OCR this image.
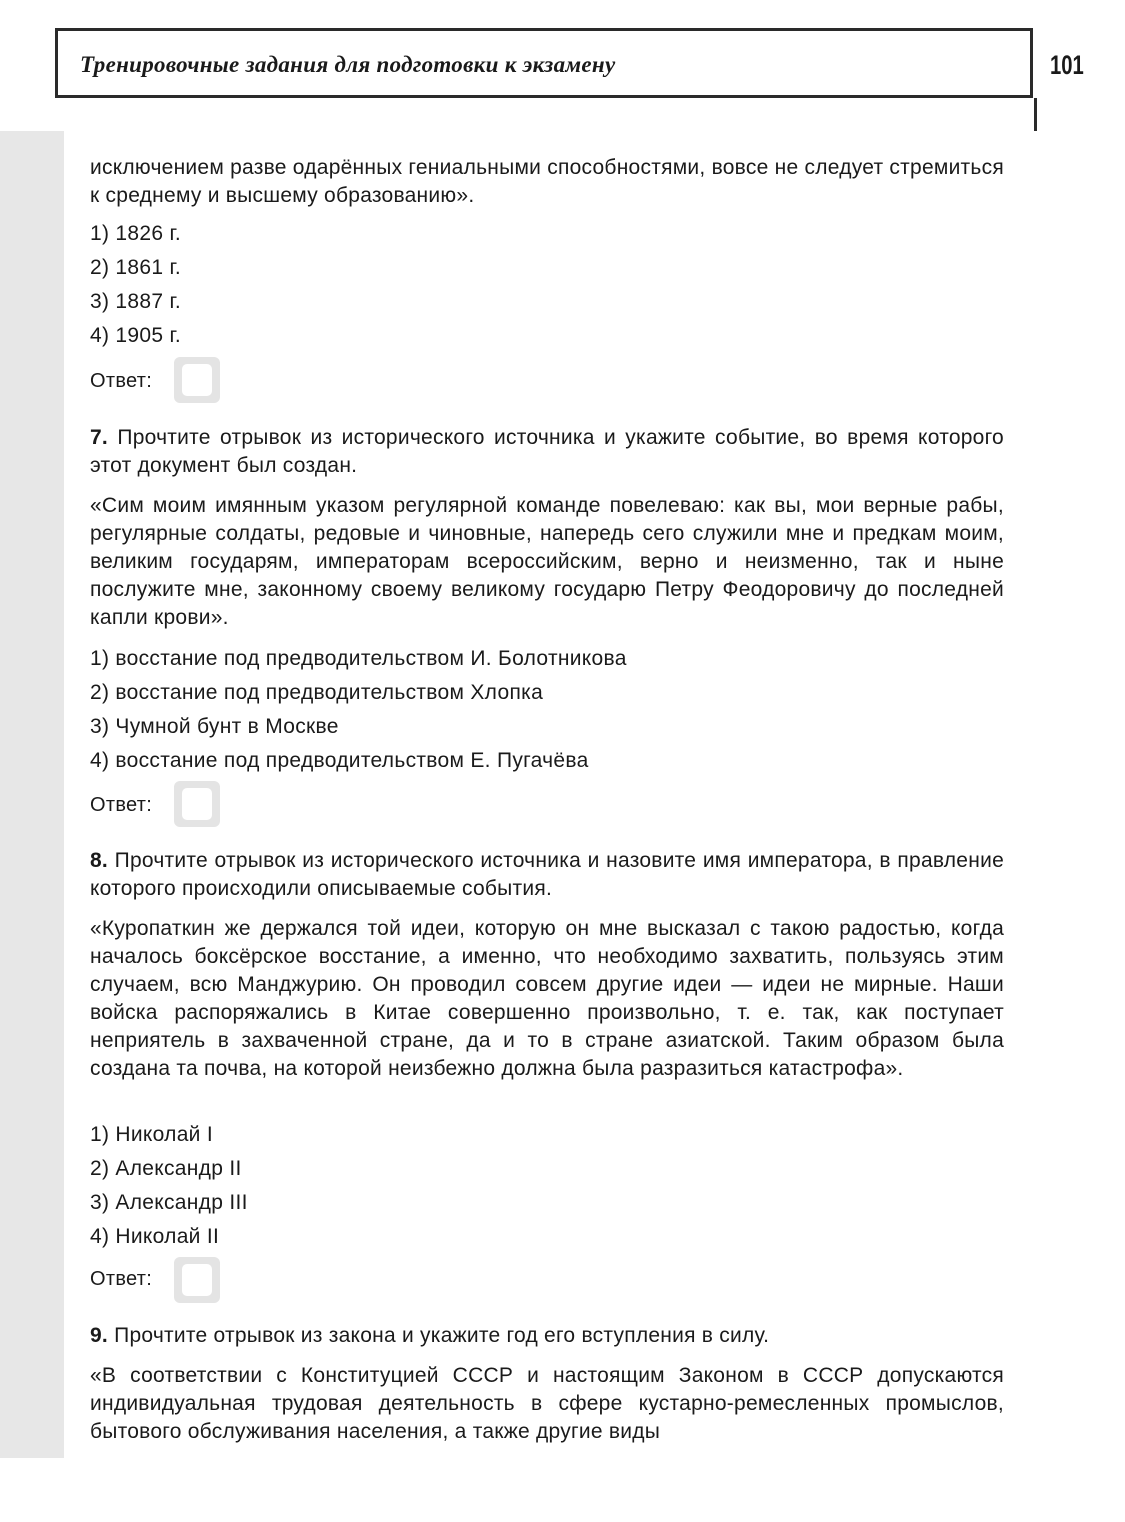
Тренировочные задания для подготовки к экзамену	101
исключением разве одарённых гениальными способностями, вовсе не следует стремиться к среднему и высшему образованию».
1) 1826 г.
2) 1861 г.
3) 1887 г.
4) 1905 г.
Ответ:
7. Прочтите отрывок из исторического источника и укажите событие, во время которого этот документ был создан.
«Сим моим имянным указом регулярной команде повелеваю: как вы, мои верные рабы, регулярные солдаты, редовые и чиновные, напередь сего служили мне и предкам моим, великим государям, императорам всероссийским, верно и неизменно, так и ныне послужите мне, законному своему великому государю Петру Феодоровичу до последней капли крови».
1) восстание под предводительством И. Болотникова
2) восстание под предводительством Хлопка
3) Чумной бунт в Москве
4) восстание под предводительством Е. Пугачёва
Ответ:
8. Прочтите отрывок из исторического источника и назовите имя императора, в правление которого происходили описываемые события.
«Куропаткин же держался той идеи, которую он мне высказал с такою радостью, когда началось боксёрское восстание, а именно, что необходимо захватить, пользуясь этим случаем, всю Манджурию. Он проводил совсем другие идеи — идеи не мирные. Наши войска распоряжались в Китае совершенно произвольно, т. е. так, как поступает неприятель в захваченной стране, да и то в стране азиатской. Таким образом была создана та почва, на которой неизбежно должна была разразиться катастрофа».
1) Николай I
2) Александр II
3) Александр III
4) Николай II
Ответ:
9. Прочтите отрывок из закона и укажите год его вступления в силу.
«В соответствии с Конституцией СССР и настоящим Законом в СССР допускаются индивидуальная трудовая деятельность в сфере кустарно-ремесленных промыслов, бытового обслуживания населения, а также другие виды
